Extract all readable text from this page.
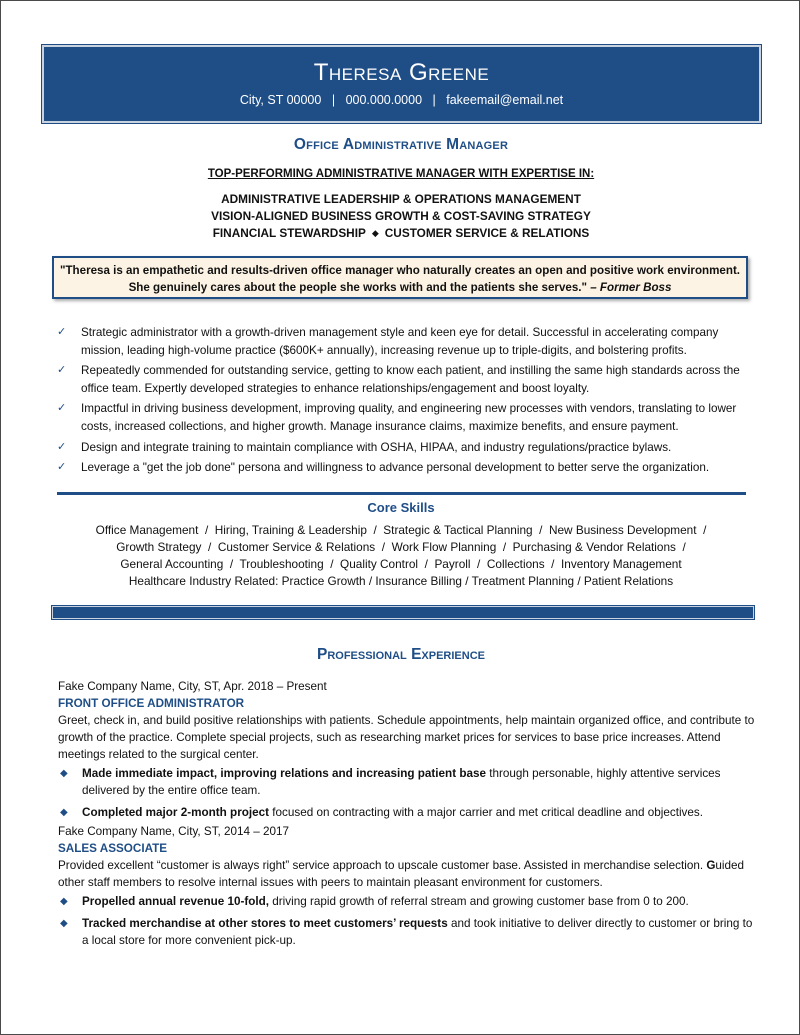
Theresa Greene
City, ST 00000 | 000.000.0000 | fakeemail@email.net
Office Administrative Manager
TOP-PERFORMING ADMINISTRATIVE MANAGER WITH EXPERTISE IN:
ADMINISTRATIVE LEADERSHIP & OPERATIONS MANAGEMENT
VISION-ALIGNED BUSINESS GROWTH & COST-SAVING STRATEGY
FINANCIAL STEWARDSHIP ◆ CUSTOMER SERVICE & RELATIONS
"Theresa is an empathetic and results-driven office manager who naturally creates an open and positive work environment.
She genuinely cares about the people she works with and the patients she serves." – Former Boss
✓ Strategic administrator with a growth-driven management style and keen eye for detail. Successful in accelerating company mission, leading high-volume practice ($600K+ annually), increasing revenue up to triple-digits, and bolstering profits.
✓ Repeatedly commended for outstanding service, getting to know each patient, and instilling the same high standards across the office team. Expertly developed strategies to enhance relationships/engagement and boost loyalty.
✓ Impactful in driving business development, improving quality, and engineering new processes with vendors, translating to lower costs, increased collections, and higher growth. Manage insurance claims, maximize benefits, and ensure payment.
✓ Design and integrate training to maintain compliance with OSHA, HIPAA, and industry regulations/practice bylaws.
✓ Leverage a "get the job done" persona and willingness to advance personal development to better serve the organization.
Core Skills
Office Management  /  Hiring, Training & Leadership  /  Strategic & Tactical Planning  /  New Business Development  /
Growth Strategy  /  Customer Service & Relations  /  Work Flow Planning  /  Purchasing & Vendor Relations  /
General Accounting  /  Troubleshooting  /  Quality Control  /  Payroll  /  Collections  /  Inventory Management
Healthcare Industry Related: Practice Growth / Insurance Billing / Treatment Planning / Patient Relations
Professional Experience
Fake Company Name, City, ST, Apr. 2018 – Present
FRONT OFFICE ADMINISTRATOR

Greet, check in, and build positive relationships with patients. Schedule appointments, help maintain organized office, and contribute to growth of the practice. Complete special projects, such as researching market prices for services to base price increases. Attend meetings related to the surgical center.

◆ Made immediate impact, improving relations and increasing patient base through personable, highly attentive services delivered by the entire office team.
◆ Completed major 2-month project focused on contracting with a major carrier and met critical deadline and objectives.
Fake Company Name, City, ST, 2014 – 2017
SALES ASSOCIATE

Provided excellent “customer is always right” service approach to upscale customer base. Assisted in merchandise selection. Guided other staff members to resolve internal issues with peers to maintain pleasant environment for customers.

◆ Propelled annual revenue 10-fold, driving rapid growth of referral stream and growing customer base from 0 to 200.
◆ Tracked merchandise at other stores to meet customers’ requests and took initiative to deliver directly to customer or bring to a local store for more convenient pick-up.
